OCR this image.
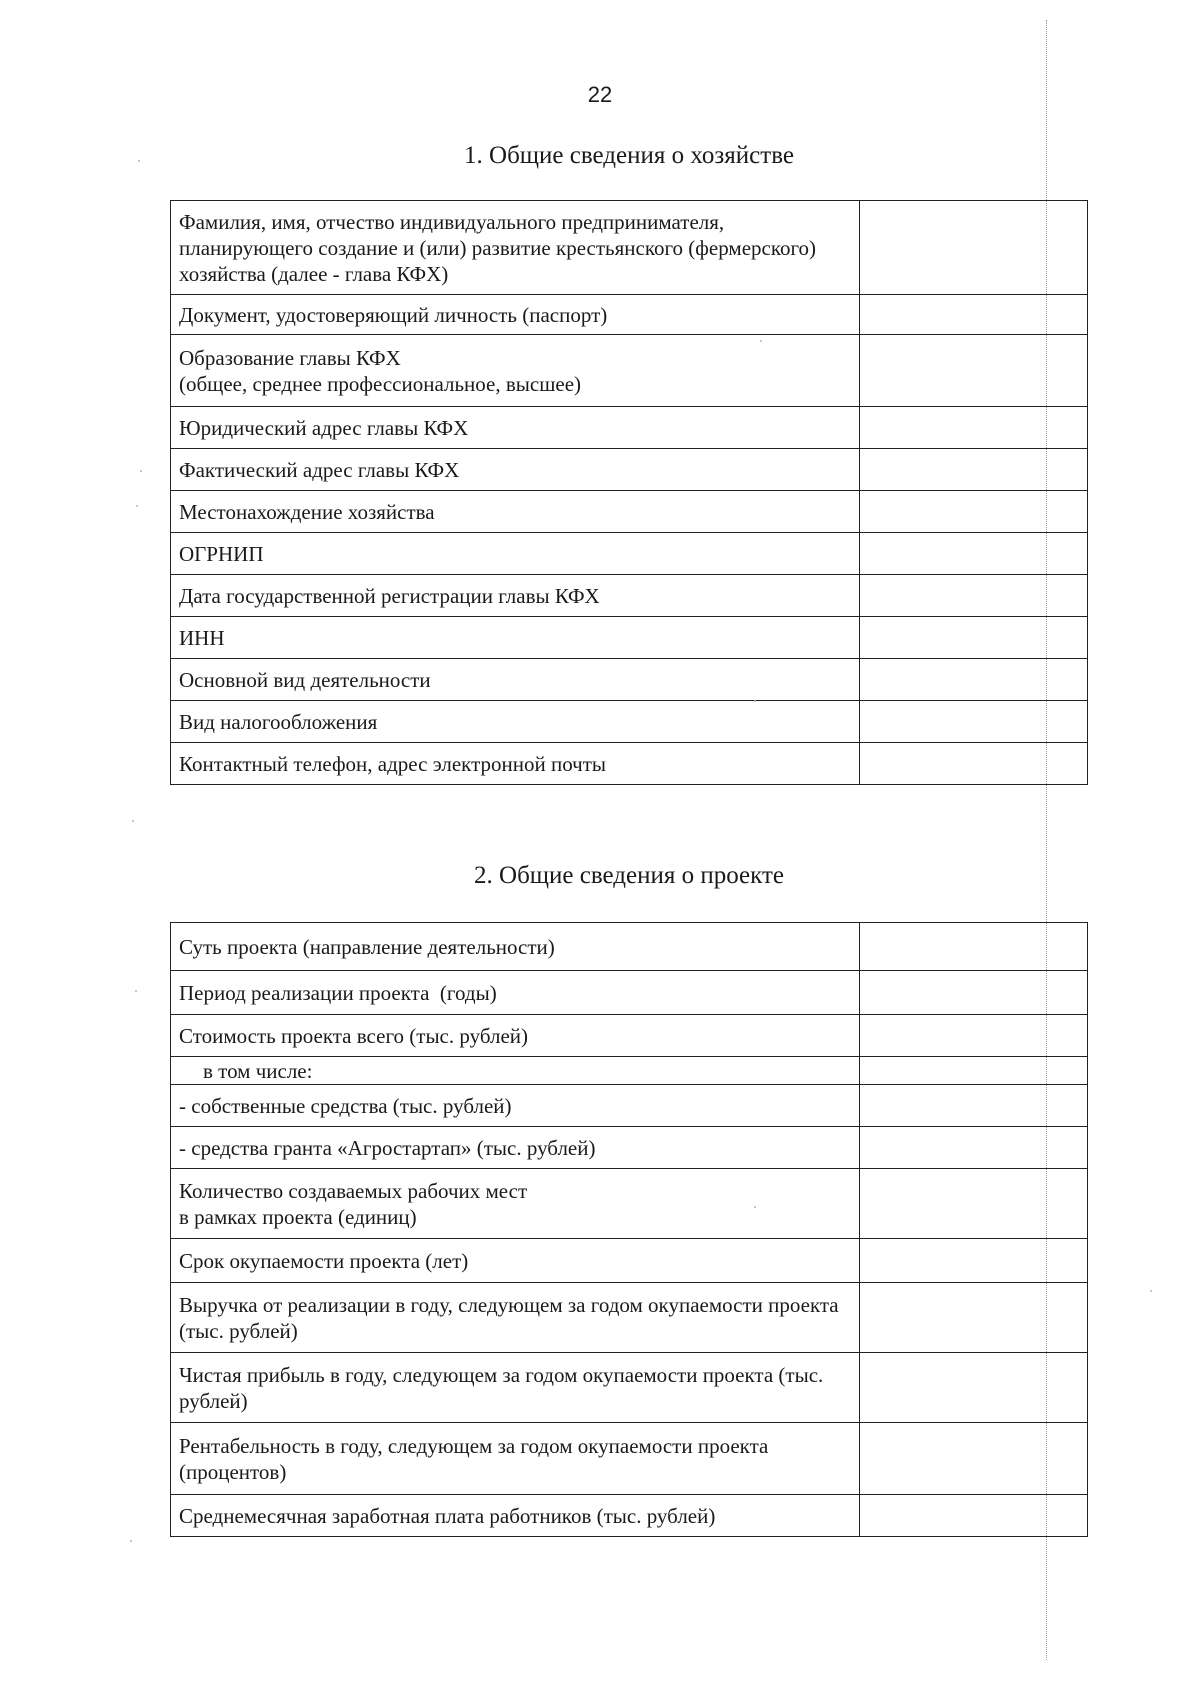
22
1. Общие сведения о хозяйстве
Фамилия, имя, отчество индивидуального предпринимателя, планирующего создание и (или) развитие крестьянского (фермерского) хозяйства (далее - глава КФХ)	
Документ, удостоверяющий личность (паспорт)	
Образование главы КФХ
(общее, среднее профессиональное, высшее)	
Юридический адрес главы КФХ	
Фактический адрес главы КФХ	
Местонахождение хозяйства	
ОГРНИП	
Дата государственной регистрации главы КФХ	
ИНН	
Основной вид деятельности	
Вид налогообложения	
Контактный телефон, адрес электронной почты	
2. Общие сведения о проекте
Суть проекта (направление деятельности)	
Период реализации проекта  (годы)	
Стоимость проекта всего (тыс. рублей)	
в том числе:	
- собственные средства (тыс. рублей)	
- средства гранта «Агростартап» (тыс. рублей)	
Количество создаваемых рабочих мест
в рамках проекта (единиц)	
Срок окупаемости проекта (лет)	
Выручка от реализации в году, следующем за годом окупаемости проекта (тыс. рублей)	
Чистая прибыль в году, следующем за годом окупаемости проекта (тыс. рублей)	
Рентабельность в году, следующем за годом окупаемости проекта (процентов)	
Среднемесячная заработная плата работников (тыс. рублей)	
